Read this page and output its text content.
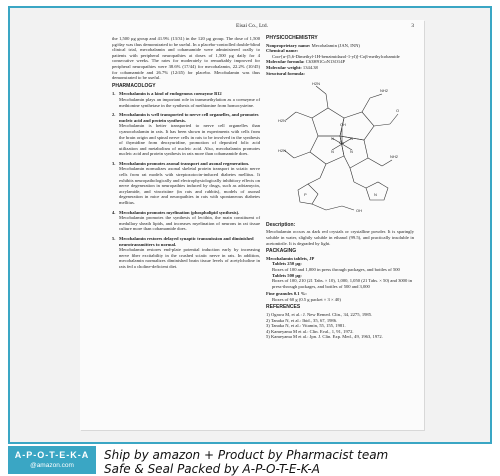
Eisai Co., Ltd.	3

the 1,500 µg group and 41.9% (13/31) in the 120 µg group. The dose of 1,500 µg/day was thus demonstrated to be useful. In a placebo-controlled double-blind clinical trial, mecobalamin and cobamamide were administered orally to patients with peripheral neuropathies at doses of 1,500 µg daily for 4 consecutive weeks. The rates for moderately to remarkably improved for peripheral neuropathies were 38.6% (17/44) for mecobalamin, 22.2% (10/45) for cobamamide and 26.7% (12/45) for placebo. Mecobalamin was thus demonstrated to be useful.

PHARMACOLOGY
1. Mecobalamin is a kind of endogenous coenzyme B12
Mecobalamin plays an important role in transmethylation as a coenzyme of methionine synthetase in the synthesis of methionine from homocysteine.
2. Mecobalamin is well transported to nerve cell organelles, and promotes nucleic acid and protein synthesis.
Mecobalamin is better transported to nerve cell organelles than cyanocobalamin in rats. It has been shown in experiments with cells from the brain origin and spinal nerve cells in rats to be involved in the synthesis of thymidine from deoxyuridine, promotion of deposited folic acid utilization and metabolism of nucleic acid. Also, mecobalamin promotes nucleic acid and protein synthesis in rats more than cobamamide does.
3. Mecobalamin promotes axonal transport and axonal regeneration.
Mecobalamin normalizes axonal skeletal protein transport in sciatic nerve cells from rat models with streptozotocin-induced diabetes mellitus. It exhibits neuropathologically and electrophysiologically inhibitory effects on nerve degeneration in neuropathies induced by drugs, such as adriamycin, acrylamide, and vincristine (in rats and rabbits), models of axonal degeneration in mice and neuropathies in rats with spontaneous diabetes mellitus.
4. Mecobalamin promotes myelination (phospholipid synthesis).
Mecobalamin promotes the synthesis of lecithin, the main constituent of medullary sheath lipids, and increases myelination of neurons in rat tissue culture more than cobamamide does.
5. Mecobalamin restores delayed synaptic transmission and diminished neurotransmitters to normal.
Mecobalamin restores end-plate potential induction early by increasing nerve fiber excitability in the crushed sciatic nerve in rats. In addition, mecobalamin normalizes diminished brain tissue levels of acetylcholine in rats fed a choline-deficient diet.
PHYSICOCHEMISTRY
Nonproprietary name: Mecobalamin (JAN, INN)
Chemical name:
Coα-[α-(5,6-Dimethyl-1H-benzimidazol-1-yl)]-Coβ-methylcobamide
Molecular formula: C63H91CoN13O14P
Molecular weight: 1344.38
Structural formula:
Co
CH
N	N
N	N
H2N
NH2
O
H2N
H2N
NH2
N
P
OH
Description:

Mecobalamin occurs as dark red crystals or crystalline powder. It is sparingly soluble in water, slightly soluble in ethanol (99.5), and practically insoluble in acetonitrile. It is degraded by light.

PACKAGING
Mecobalamin tablets, JP
Tablets 250 µg:
Boxes of 100 and 1,000 in press through packages, and bottles of 500
Tablets 500 µg:
Boxes of 100, 210 (21 Tabs. × 10), 1,000, 1,050 (21 Tabs. × 50) and 3000 in press-through packages, and bottles of 500 and 3,000
Fine granules 0.1 %:
Boxes of 60 g (0.5 g packet × 3 × 40)
REFERENCES
1) Ogawa M, et al.: J. New Remed. Clin., 34, 2275, 1985.
2) Tanaka N, et al.: Ibid., 35, 67, 1986.
3) Tanaka N, et al.: Vitamin, 55, 155, 1981.
4) Kameyama M et al.: Clin. Eval., 1, 91, 1972.
5) Kameyama M et al.: Jpn. J. Clin. Exp. Med., 49, 1963, 1972.
A-P-O-T-E-K-A
@amazon.com
Ship by amazon + Product by Pharmacist team
Safe & Seal Packed by A-P-O-T-E-K-A
